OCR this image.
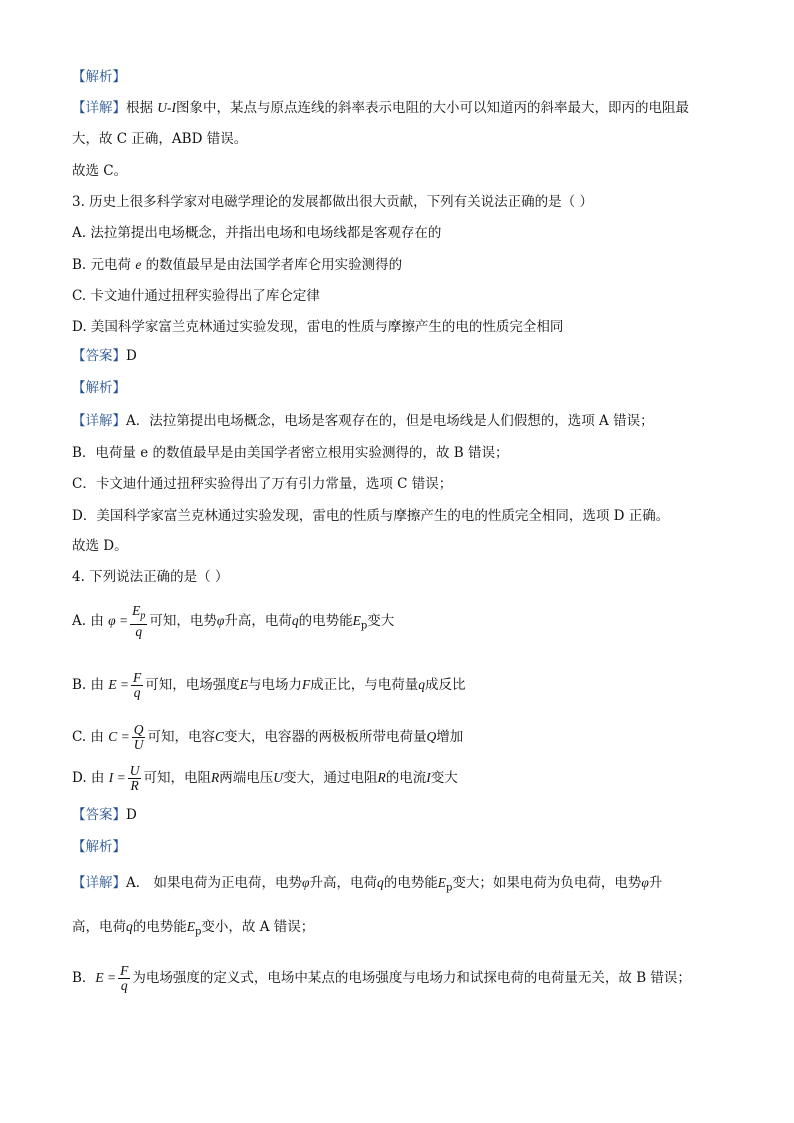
【解析】
【详解】根据 U-I图象中，某点与原点连线的斜率表示电阻的大小可以知道丙的斜率最大，即丙的电阻最
大，故 C 正确，ABD 错误。
故选 C。
3. 历史上很多科学家对电磁学理论的发展都做出很大贡献，下列有关说法正确的是（ ）
A. 法拉第提出电场概念，并指出电场和电场线都是客观存在的
B. 元电荷 e 的数值最早是由法国学者库仑用实验测得的
C. 卡文迪什通过扭秤实验得出了库仑定律
D. 美国科学家富兰克林通过实验发现，雷电的性质与摩擦产生的电的性质完全相同
【答案】D
【解析】
【详解】A．法拉第提出电场概念，电场是客观存在的，但是电场线是人们假想的，选项 A 错误；
B．电荷量 e 的数值最早是由美国学者密立根用实验测得的，故 B 错误；
C．卡文迪什通过扭秤实验得出了万有引力常量，选项 C 错误；
D．美国科学家富兰克林通过实验发现，雷电的性质与摩擦产生的电的性质完全相同，选项 D 正确。
故选 D。
4. 下列说法正确的是（ ）
A. 由 $\varphi = \frac{E_p}{q}$ 可知，电势φ升高，电荷q的电势能$E_p$变大
B. 由 $E = \frac{F}{q}$ 可知，电场强度E与电场力F成正比，与电荷量q成反比
C. 由 $C = \frac{Q}{U}$ 可知，电容C变大，电容器的两极板所带电荷量Q增加
D. 由 $I = \frac{U}{R}$ 可知，电阻R两端电压U变大，通过电阻R的电流I变大
【答案】D
【解析】
【详解】A． 如果电荷为正电荷，电势φ升高，电荷q的电势能$E_p$变大；如果电荷为负电荷，电势φ升
高，电荷q的电势能$E_p$变小，故 A 错误；
B．$E = \frac{F}{q}$ 为电场强度的定义式，电场中某点的电场强度与电场力和试探电荷的电荷量无关，故 B 错误；
